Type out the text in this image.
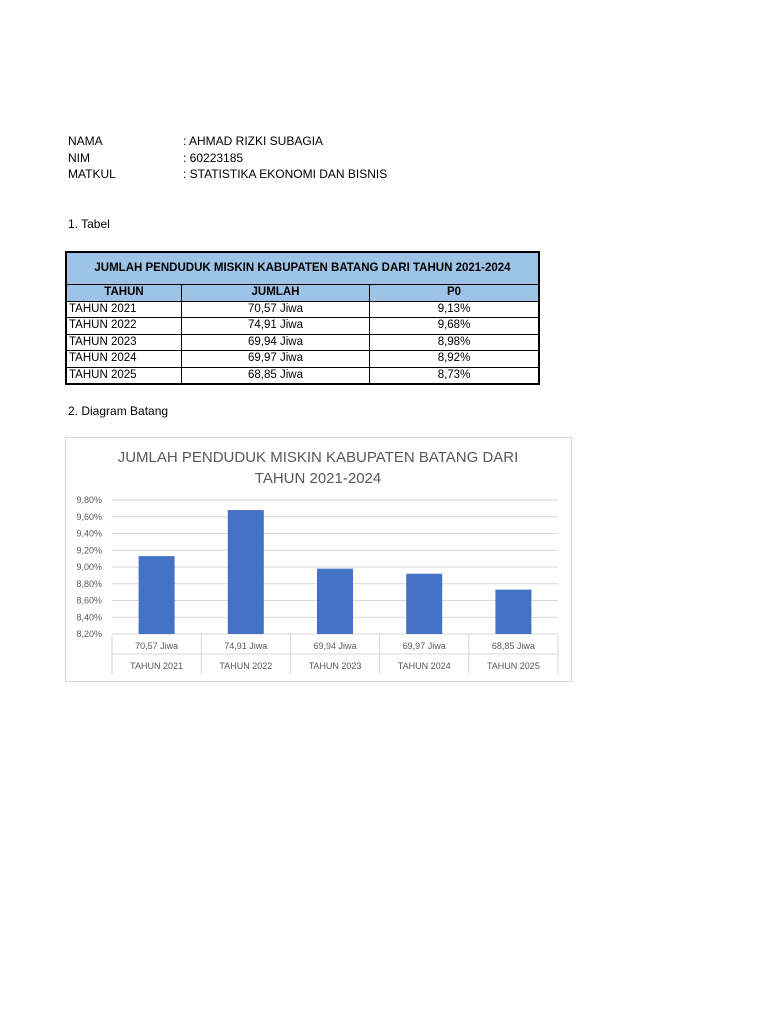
NAMA	: AHMAD RIZKI SUBAGIA
NIM	: 60223185
MATKUL	: STATISTIKA EKONOMI DAN BISNIS
1. Tabel
JUMLAH PENDUDUK MISKIN KABUPATEN BATANG DARI TAHUN 2021-2024		
TAHUN	JUMLAH	P0
TAHUN 2021	70,57 Jiwa	9,13%
TAHUN 2022	74,91 Jiwa	9,68%
TAHUN 2023	69,94 Jiwa	8,98%
TAHUN 2024	69,97 Jiwa	8,92%
TAHUN 2025	68,85 Jiwa	8,73%
2. Diagram Batang
JUMLAH PENDUDUK MISKIN KABUPATEN BATANG DARI
TAHUN 2021-2024
8,20%
8,40%
8,60%
8,80%
9,00%
9,20%
9,40%
9,60%
9,80%
70,57 Jiwa
TAHUN 2021
74,91 Jiwa
TAHUN 2022
69,94 Jiwa
TAHUN 2023
69,97 Jiwa
TAHUN 2024
68,85 Jiwa
TAHUN 2025
